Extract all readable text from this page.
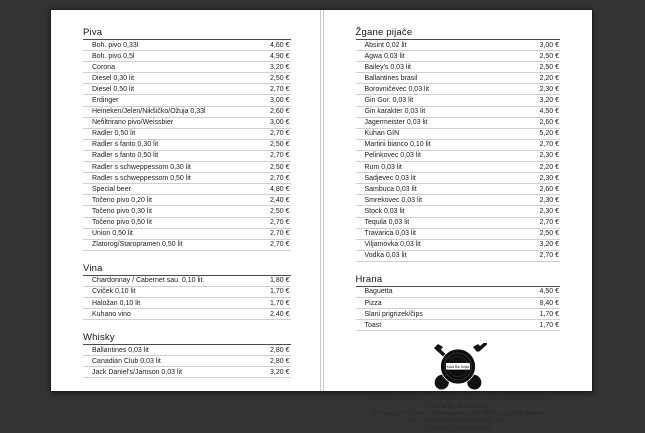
Piva
Boh. pivo 0,33l	4,60 €
Boh. pivo 0,5l	4,90 €
Corona	3,20 €
Diesel 0,30 lit	2,50 €
Diesel 0,50 lit	2,70 €
Erdinger	3,00 €
Heineken/Jelen/Nikšičko/Ožuja 0,33l	2,60 €
Nefiltrirano pivo/Weissbier	3,00 €
Radler 0,50 lit	2,70 €
Radler s fanto 0,30 lit	2,50 €
Radler s fanto 0,50 lit	2,70 €
Radler s schweppessom 0,30 lit	2,50 €
Radler s schweppessom 0,50 lit	2,70 €
Special beer	4,80 €
Točeno pivo 0,20 lit	2,40 €
Točeno pivo 0,30 lit	2,50 €
Točeno pivo 0,50 lit	2,70 €
Union 0,50 lit	2,70 €
Zlatorog/Staropramen 0,50 lit	2,70 €
Vina
Chardonnay / Cabernet sau. 0,10 lit.	1,80 €
Cviček 0,10 lit	1,70 €
Haložan 0,10 lit	1,70 €
Kuhano vino	2,40 €
Whisky
Ballantines 0,03 lit	2,80 €
Canadian Club 0,03 lit	2,80 €
Jack Daniel's/Jamson 0,03 lit	3,20 €
Žgane pijače
Absint 0,02 lit	3,00 €
Agwa 0,03 lit	2,50 €
Bailey's 0,03 lit	2,50 €
Ballantines brasil	2,20 €
Borovničevec 0,03 lit	2,30 €
Gin Gor. 0,03 lit	3,20 €
Gin karakter 0,03 lit	4,50 €
Jagermeister 0,03 lit	2,60 €
Kuhan GIN	5,20 €
Martini bianco 0,10 lit	2,70 €
Pelinkovec 0,03 lit	2,30 €
Rum 0,03 lit	2,20 €
Sadjevec 0,03 lit	2,30 €
Sambuca 0,03 lit	2,60 €
Smrekovec 0,03 lit	2,30 €
Stock 0,03 lit	2,30 €
Tequila 0,03 lit	2,70 €
Travarica 0,03 lit	2,50 €
Viljamovka 0,03 lit	3,20 €
Vodka 0,03 lit	2,70 €
Hrana
Baguetta	4,50 €
Pizza	8,40 €
Slani prigrizek/čips	1,70 €
Toast	1,70 €
Kava Bar Urška
Aleksandra Kramar s.p., Triglavska cesta 16, 4264 Bohinjska Bistrica
Davčna št.: SI44550391
PE Kava bar Urška - Triglavska cesta 16, 4264 Bohinjska Bistrica
Vse cene so v evrih in vključujejo DDV.
Cenik velja od junij 2023
